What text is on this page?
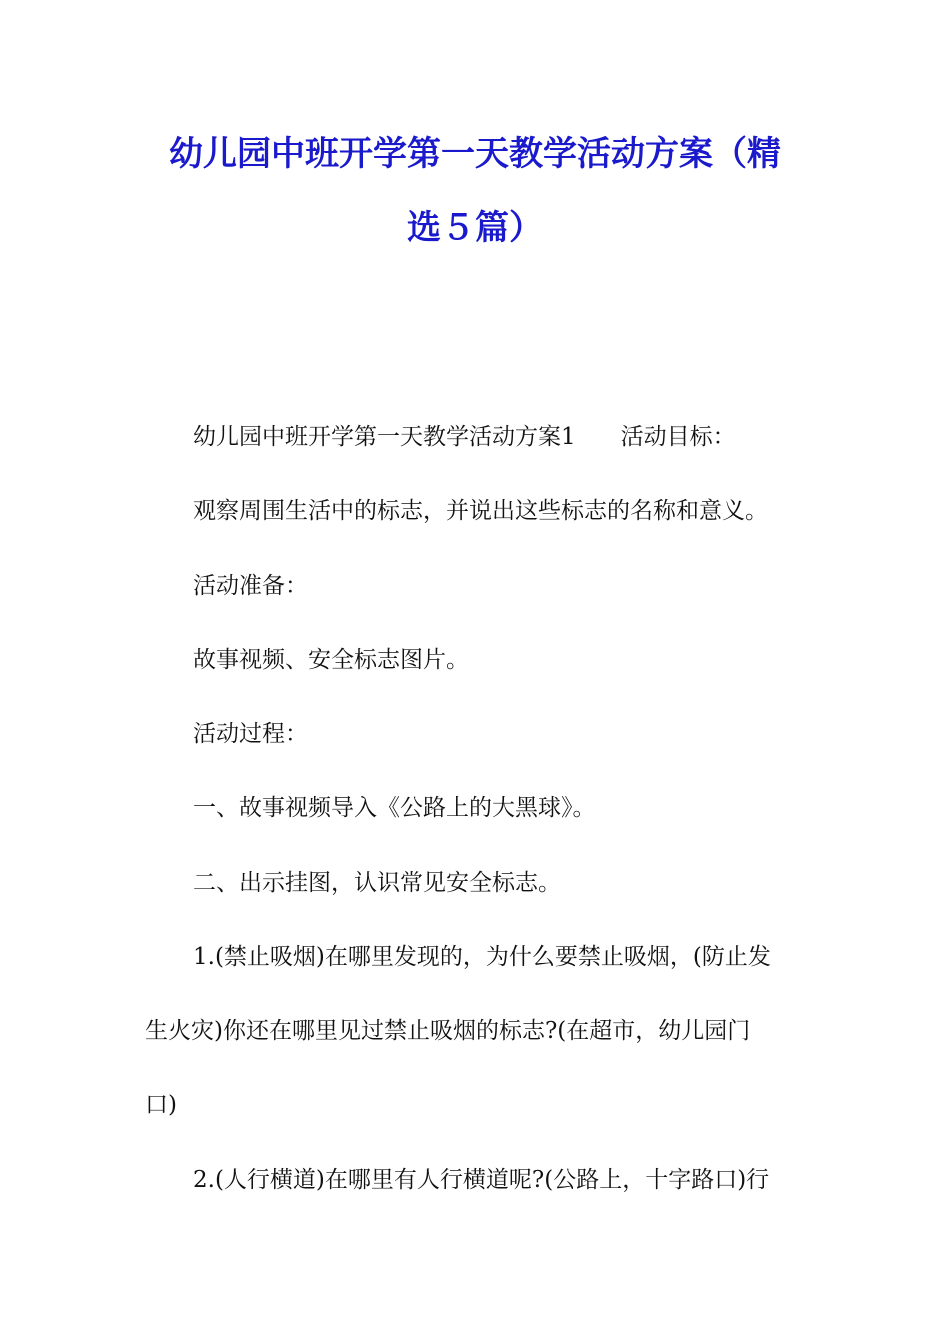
幼儿园中班开学第一天教学活动方案（精
选５篇）

幼儿园中班开学第一天教学活动方案1 活动目标：

观察周围生活中的标志，并说出这些标志的名称和意义。

活动准备：

故事视频、安全标志图片。

活动过程：

一、故事视频导入《公路上的大黑球》。

二、出示挂图，认识常见安全标志。

1.(禁止吸烟)在哪里发现的，为什么要禁止吸烟，(防止发

生火灾)你还在哪里见过禁止吸烟的标志?(在超市，幼儿园门

口)

2.(人行横道)在哪里有人行横道呢?(公路上，十字路口)行
